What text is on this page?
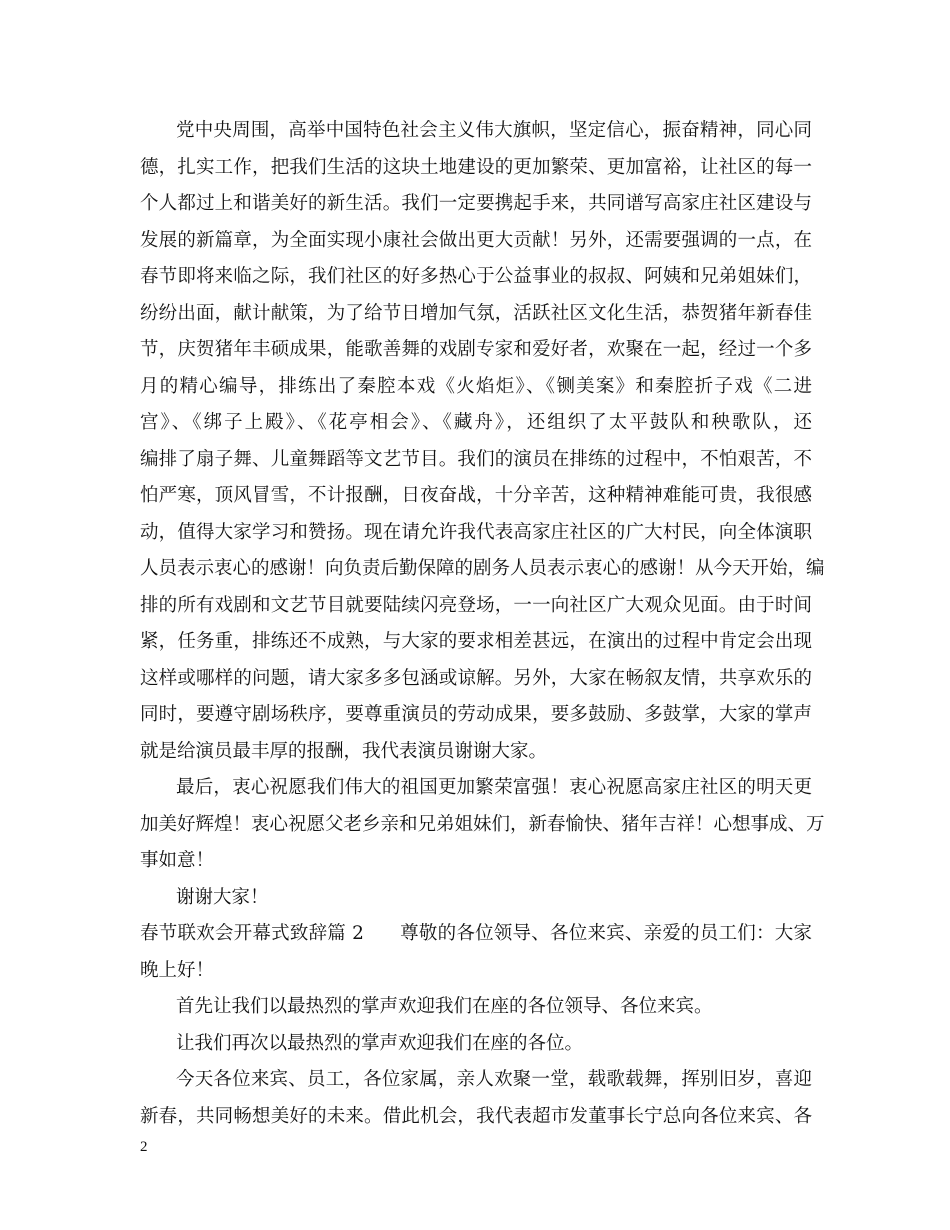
党中央周围，高举中国特色社会主义伟大旗帜，坚定信心，振奋精神，同心同
德，扎实工作，把我们生活的这块土地建设的更加繁荣、更加富裕，让社区的每一
个人都过上和谐美好的新生活。我们一定要携起手来，共同谱写高家庄社区建设与
发展的新篇章，为全面实现小康社会做出更大贡献！另外，还需要强调的一点，在
春节即将来临之际，我们社区的好多热心于公益事业的叔叔、阿姨和兄弟姐妹们，
纷纷出面，献计献策，为了给节日增加气氛，活跃社区文化生活，恭贺猪年新春佳
节，庆贺猪年丰硕成果，能歌善舞的戏剧专家和爱好者，欢聚在一起，经过一个多
月的精心编导，排练出了秦腔本戏《火焰炬》、《铡美案》和秦腔折子戏《二进
宫》、《绑子上殿》、《花亭相会》、《藏舟》，还组织了太平鼓队和秧歌队，还
编排了扇子舞、儿童舞蹈等文艺节目。我们的演员在排练的过程中，不怕艰苦，不
怕严寒，顶风冒雪，不计报酬，日夜奋战，十分辛苦，这种精神难能可贵，我很感
动，值得大家学习和赞扬。现在请允许我代表高家庄社区的广大村民，向全体演职
人员表示衷心的感谢！向负责后勤保障的剧务人员表示衷心的感谢！从今天开始，编
排的所有戏剧和文艺节目就要陆续闪亮登场，一一向社区广大观众见面。由于时间
紧，任务重，排练还不成熟，与大家的要求相差甚远，在演出的过程中肯定会出现
这样或哪样的问题，请大家多多包涵或谅解。另外，大家在畅叙友情，共享欢乐的
同时，要遵守剧场秩序，要尊重演员的劳动成果，要多鼓励、多鼓掌，大家的掌声
就是给演员最丰厚的报酬，我代表演员谢谢大家。
最后，衷心祝愿我们伟大的祖国更加繁荣富强！衷心祝愿高家庄社区的明天更
加美好辉煌！衷心祝愿父老乡亲和兄弟姐妹们，新春愉快、猪年吉祥！心想事成、万
事如意！
谢谢大家！
春节联欢会开幕式致辞篇 2 尊敬的各位领导、各位来宾、亲爱的员工们：大家
晚上好！
首先让我们以最热烈的掌声欢迎我们在座的各位领导、各位来宾。
让我们再次以最热烈的掌声欢迎我们在座的各位。
今天各位来宾、员工，各位家属，亲人欢聚一堂，载歌载舞，挥别旧岁，喜迎
新春，共同畅想美好的未来。借此机会，我代表超市发董事长宁总向各位来宾、各
2
